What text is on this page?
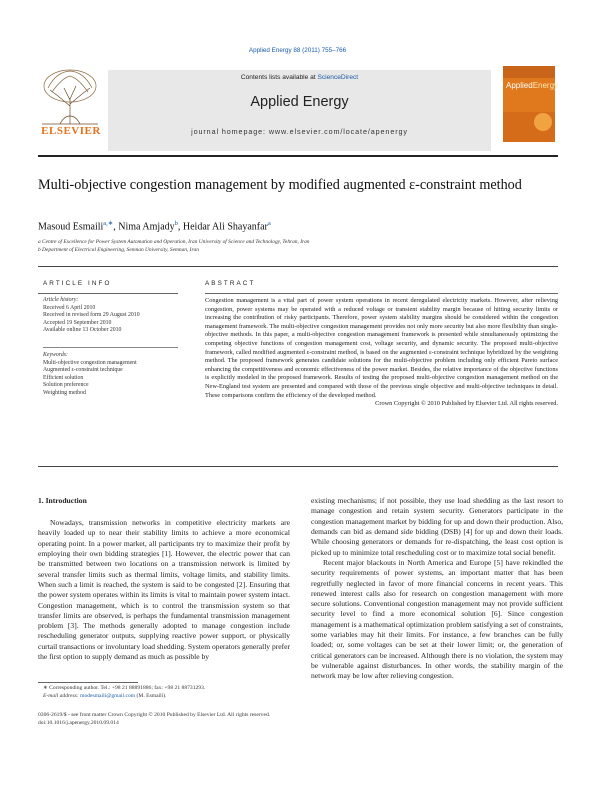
Applied Energy 88 (2011) 755–766
ELSEVIER
Contents lists available at ScienceDirect
Applied Energy
journal homepage: www.elsevier.com/locate/apenergy
AppliedEnergy
Multi-objective congestion management by modified augmented ε-constraint method
Masoud Esmaili$^{a,∗}$, Nima Amjady$^b$, Heidar Ali Shayanfar$^a$
a Centre of Excellence for Power System Automation and Operation, Iran University of Science and Technology, Tehran, Iran
b Department of Electrical Engineering, Semnan University, Semnan, Iran
ARTICLE INFO	ABSTRACT
Article history:
Received 6 April 2010
Received in revised form 29 August 2010
Accepted 19 September 2010
Available online 13 October 2010
Keywords:
Multi-objective congestion management
Augmented ε-constraint technique
Efficient solution
Solution preference
Weighting method
Congestion management is a vital part of power system operations in recent deregulated electricity markets. However, after relieving congestion, power systems may be operated with a reduced voltage or transient stability margin because of hitting security limits or increasing the contribution of risky participants. Therefore, power system stability margins should be considered within the congestion management framework. The multi-objective congestion management provides not only more security but also more flexibility than single-objective methods. In this paper, a multi-objective congestion management framework is presented while simultaneously optimizing the competing objective functions of congestion management cost, voltage security, and dynamic security. The proposed multi-objective framework, called modified augmented ε-constraint method, is based on the augmented ε-constraint technique hybridized by the weighting method. The proposed framework generates candidate solutions for the multi-objective problem including only efficient Pareto surface enhancing the competitiveness and economic effectiveness of the power market. Besides, the relative importance of the objective functions is explicitly modeled in the proposed framework. Results of testing the proposed multi-objective congestion management method on the New-England test system are presented and compared with those of the previous single objective and multi-objective techniques in detail. These comparisons confirm the efficiency of the developed method.
Crown Copyright © 2010 Published by Elsevier Ltd. All rights reserved.
1. Introduction

Nowadays, transmission networks in competitive electricity markets are heavily loaded up to near their stability limits to achieve a more economical operating point. In a power market, all participants try to maximize their profit by employing their own bidding strategies [1]. However, the electric power that can be transmitted between two locations on a transmission network is limited by several transfer limits such as thermal limits, voltage limits, and stability limits. When such a limit is reached, the system is said to be congested [2]. Ensuring that the power system operates within its limits is vital to maintain power system intact. Congestion management, which is to control the transmission system so that transfer limits are observed, is perhaps the fundamental transmission management problem [3]. The methods generally adopted to manage congestion include rescheduling generator outputs, supplying reactive power support, or physically curtail transactions or involuntary load shedding. System operators generally prefer the first option to supply demand as much as possible by

existing mechanisms; if not possible, they use load shedding as the last resort to manage congestion and retain system security. Generators participate in the congestion management market by bidding for up and down their production. Also, demands can bid as demand side bidding (DSB) [4] for up and down their loads. While choosing generators or demands for re-dispatching, the least cost option is picked up to minimize total rescheduling cost or to maximize total social benefit.

Recent major blackouts in North America and Europe [5] have rekindled the security requirements of power systems, an important matter that has been regretfully neglected in favor of more financial concerns in recent years. This renewed interest calls also for research on congestion management with more secure solutions. Conventional congestion management may not provide sufficient security level to find a more economical solution [6]. Since congestion management is a mathematical optimization problem satisfying a set of constraints, some variables may hit their limits. For instance, a few branches can be fully loaded; or, some voltages can be set at their lower limit; or, the generation of critical generators can be increased. Although there is no violation, the system may be vulnerable against disturbances. In other words, the stability margin of the network may be low after relieving congestion.

∗ Corresponding author. Tel.: +98 21 88891886; fax: +98 21 88731293.
E-mail address: modesmaili@gmail.com (M. Esmaili).
0306-2619/$ - see front matter Crown Copyright © 2010 Published by Elsevier Ltd. All rights reserved.
doi:10.1016/j.apenergy.2010.09.014
